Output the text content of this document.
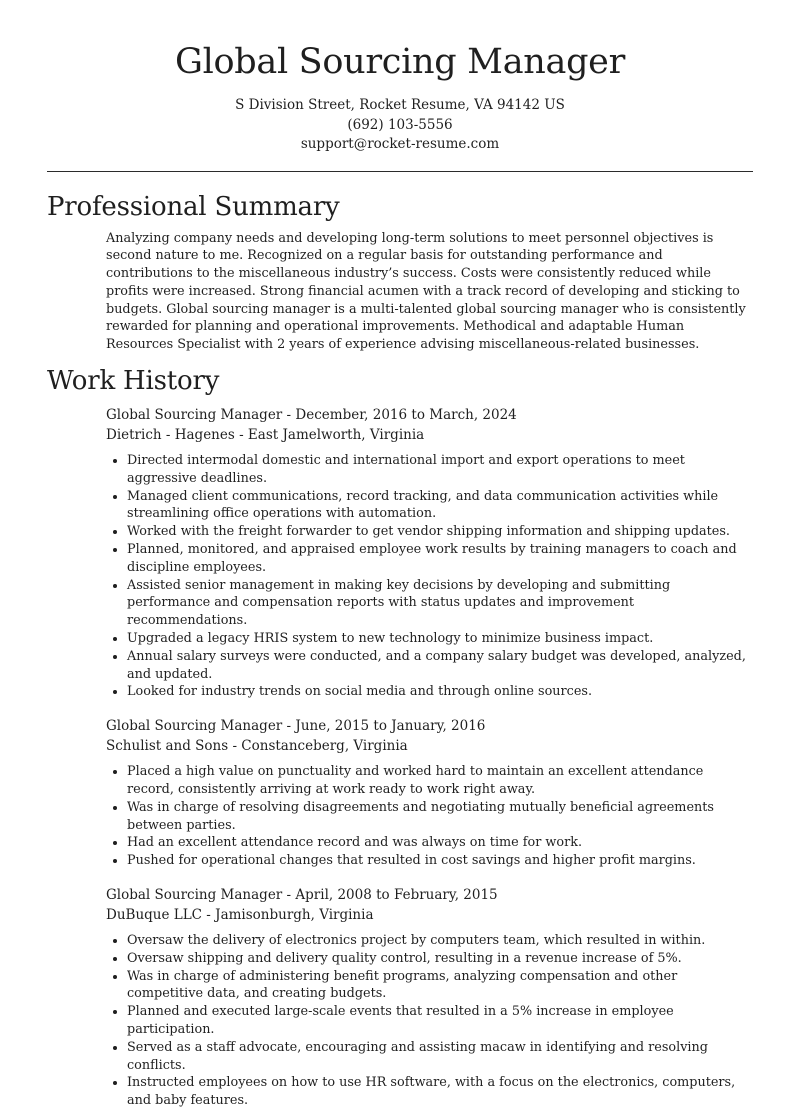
Global Sourcing Manager
S Division Street, Rocket Resume, VA 94142 US
(692) 103-5556
support@rocket-resume.com
Professional Summary
Analyzing company needs and developing long-term solutions to meet personnel objectives is second nature to me. Recognized on a regular basis for outstanding performance and contributions to the miscellaneous industry’s success. Costs were consistently reduced while profits were increased. Strong financial acumen with a track record of developing and sticking to budgets. Global sourcing manager is a multi-talented global sourcing manager who is consistently rewarded for planning and operational improvements. Methodical and adaptable Human Resources Specialist with 2 years of experience advising miscellaneous-related businesses.
Work History
Global Sourcing Manager - December, 2016 to March, 2024
Dietrich - Hagenes - East Jamelworth, Virginia
• Directed intermodal domestic and international import and export operations to meet aggressive deadlines.
• Managed client communications, record tracking, and data communication activities while streamlining office operations with automation.
• Worked with the freight forwarder to get vendor shipping information and shipping updates.
• Planned, monitored, and appraised employee work results by training managers to coach and discipline employees.
• Assisted senior management in making key decisions by developing and submitting performance and compensation reports with status updates and improvement recommendations.
• Upgraded a legacy HRIS system to new technology to minimize business impact.
• Annual salary surveys were conducted, and a company salary budget was developed, analyzed, and updated.
• Looked for industry trends on social media and through online sources.
Global Sourcing Manager - June, 2015 to January, 2016
Schulist and Sons - Constanceberg, Virginia
• Placed a high value on punctuality and worked hard to maintain an excellent attendance record, consistently arriving at work ready to work right away.
• Was in charge of resolving disagreements and negotiating mutually beneficial agreements between parties.
• Had an excellent attendance record and was always on time for work.
• Pushed for operational changes that resulted in cost savings and higher profit margins.
Global Sourcing Manager - April, 2008 to February, 2015
DuBuque LLC - Jamisonburgh, Virginia
• Oversaw the delivery of electronics project by computers team, which resulted in within.
• Oversaw shipping and delivery quality control, resulting in a revenue increase of 5%.
• Was in charge of administering benefit programs, analyzing compensation and other competitive data, and creating budgets.
• Planned and executed large-scale events that resulted in a 5% increase in employee participation.
• Served as a staff advocate, encouraging and assisting macaw in identifying and resolving conflicts.
• Instructed employees on how to use HR software, with a focus on the electronics, computers, and baby features.
